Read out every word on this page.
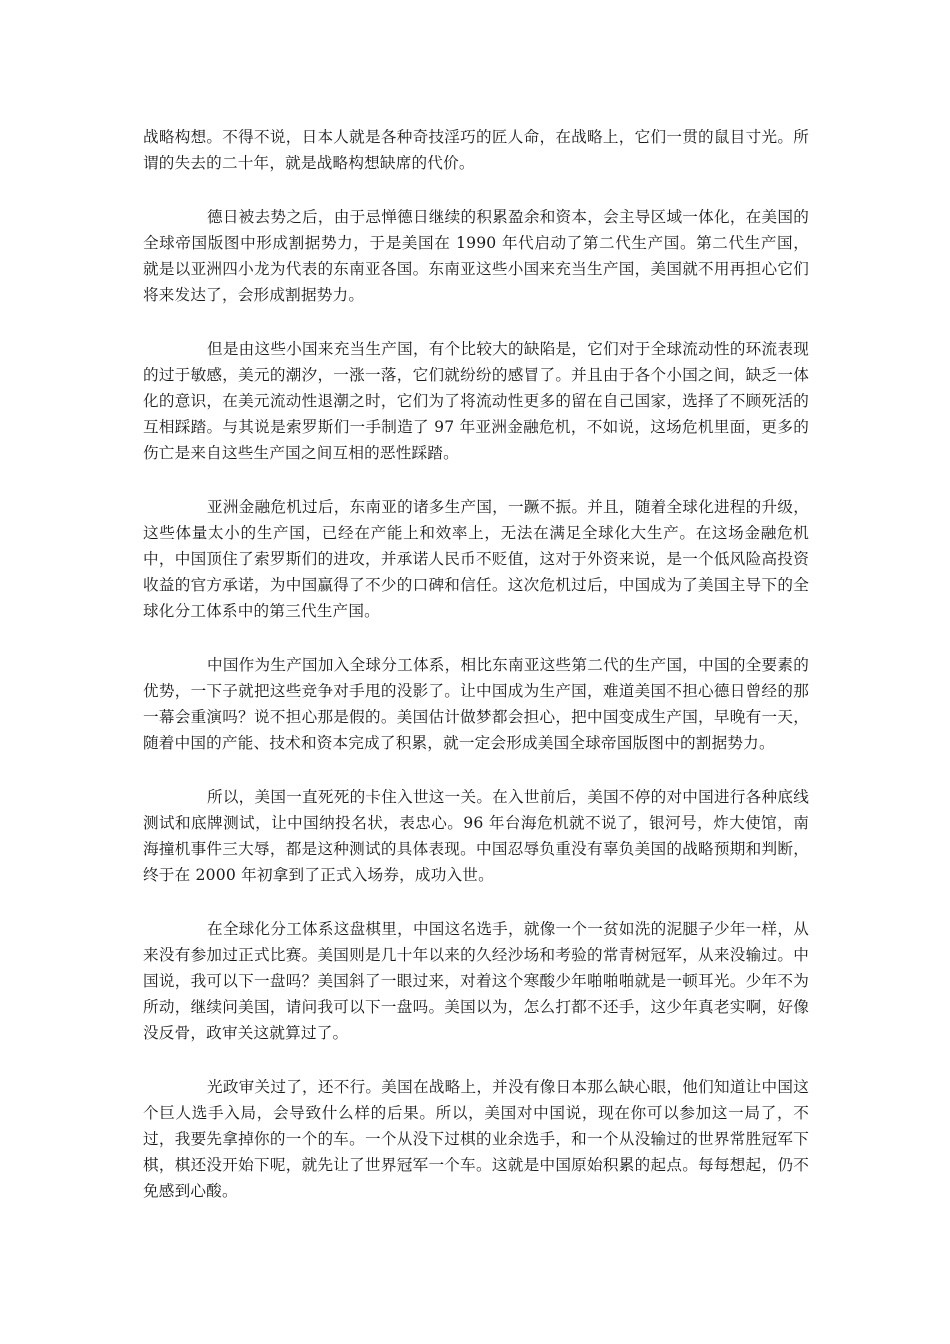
战略构想。不得不说，日本人就是各种奇技淫巧的匠人命，在战略上，它们一贯的鼠目寸光。所谓的失去的二十年，就是战略构想缺席的代价。

德日被去势之后，由于忌惮德日继续的积累盈余和资本，会主导区域一体化，在美国的全球帝国版图中形成割据势力，于是美国在 1990 年代启动了第二代生产国。第二代生产国，就是以亚洲四小龙为代表的东南亚各国。东南亚这些小国来充当生产国，美国就不用再担心它们将来发达了，会形成割据势力。

但是由这些小国来充当生产国，有个比较大的缺陷是，它们对于全球流动性的环流表现的过于敏感，美元的潮汐，一涨一落，它们就纷纷的感冒了。并且由于各个小国之间，缺乏一体化的意识，在美元流动性退潮之时，它们为了将流动性更多的留在自己国家，选择了不顾死活的互相踩踏。与其说是索罗斯们一手制造了 97 年亚洲金融危机，不如说，这场危机里面，更多的伤亡是来自这些生产国之间互相的恶性踩踏。

亚洲金融危机过后，东南亚的诸多生产国，一蹶不振。并且，随着全球化进程的升级，这些体量太小的生产国，已经在产能上和效率上，无法在满足全球化大生产。在这场金融危机中，中国顶住了索罗斯们的进攻，并承诺人民币不贬值，这对于外资来说，是一个低风险高投资收益的官方承诺，为中国赢得了不少的口碑和信任。这次危机过后，中国成为了美国主导下的全球化分工体系中的第三代生产国。

中国作为生产国加入全球分工体系，相比东南亚这些第二代的生产国，中国的全要素的优势，一下子就把这些竞争对手甩的没影了。让中国成为生产国，难道美国不担心德日曾经的那一幕会重演吗？说不担心那是假的。美国估计做梦都会担心，把中国变成生产国，早晚有一天，随着中国的产能、技术和资本完成了积累，就一定会形成美国全球帝国版图中的割据势力。

所以，美国一直死死的卡住入世这一关。在入世前后，美国不停的对中国进行各种底线测试和底牌测试，让中国纳投名状，表忠心。96 年台海危机就不说了，银河号，炸大使馆，南海撞机事件三大辱，都是这种测试的具体表现。中国忍辱负重没有辜负美国的战略预期和判断，终于在 2000 年初拿到了正式入场券，成功入世。

在全球化分工体系这盘棋里，中国这名选手，就像一个一贫如洗的泥腿子少年一样，从来没有参加过正式比赛。美国则是几十年以来的久经沙场和考验的常青树冠军，从来没输过。中国说，我可以下一盘吗？美国斜了一眼过来，对着这个寒酸少年啪啪啪就是一顿耳光。少年不为所动，继续问美国，请问我可以下一盘吗。美国以为，怎么打都不还手，这少年真老实啊，好像没反骨，政审关这就算过了。

光政审关过了，还不行。美国在战略上，并没有像日本那么缺心眼，他们知道让中国这个巨人选手入局，会导致什么样的后果。所以，美国对中国说，现在你可以参加这一局了，不过，我要先拿掉你的一个的车。一个从没下过棋的业余选手，和一个从没输过的世界常胜冠军下棋，棋还没开始下呢，就先让了世界冠军一个车。这就是中国原始积累的起点。每每想起，仍不免感到心酸。
